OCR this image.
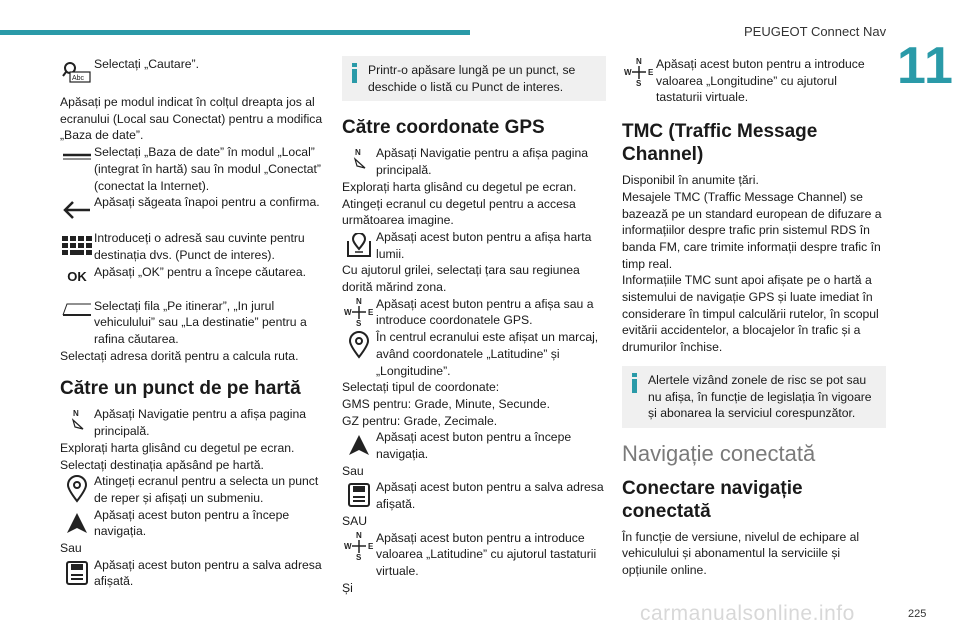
PEUGEOT Connect Nav
11
Abc
Selectați „Cautare”.

Apăsați pe modul indicat în colțul dreapta jos al ecranului (Local sau Conectat) pentru a modifica „Baza de date”.

Selectați „Baza de date” în modul „Local” (integrat în hartă) sau în modul „Conectat” (conectat la Internet).
Apăsați săgeata înapoi pentru a confirma.
Introduceți o adresă sau cuvinte pentru destinația dvs. (Punct de interes).
OK Apăsați „OK” pentru a începe căutarea.
Selectați fila „Pe itinerar”, „In jurul vehiculului” sau „La destinatie” pentru a rafina căutarea.

Selectați adresa dorită pentru a calcula ruta.

Către un punct de pe hartă
N Apăsați Navigatie pentru a afișa pagina principală.

Explorați harta glisând cu degetul pe ecran.

Selectați destinația apăsând pe hartă.

Atingeți ecranul pentru a selecta un punct de reper și afișați un submeniu.
Apăsați acest buton pentru a începe navigația.

Sau

Apăsați acest buton pentru a salva adresa afișată.
Printr-o apăsare lungă pe un punct, se deschide o listă cu Punct de interes.
Către coordonate GPS
N Apăsați Navigatie pentru a afișa pagina principală.

Explorați harta glisând cu degetul pe ecran.

Atingeți ecranul cu degetul pentru a accesa următoarea imagine.

Apăsați acest buton pentru a afișa harta lumii.

Cu ajutorul grilei, selectați țara sau regiunea dorită mărind zona.

N
S
W E
Apăsați acest buton pentru a afișa sau a introduce coordonatele GPS.
În centrul ecranului este afișat un marcaj, având coordonatele „Latitudine” și „Longitudine”.

Selectați tipul de coordonate:

GMS pentru: Grade, Minute, Secunde.

GZ pentru: Grade, Zecimale.

Apăsați acest buton pentru a începe navigația.

Sau

Apăsați acest buton pentru a salva adresa afișată.

SAU

N
S
W E
Apăsați acest buton pentru a introduce valoarea „Latitudine” cu ajutorul tastaturii virtuale.

Și

N
S
W E
Apăsați acest buton pentru a introduce valoarea „Longitudine” cu ajutorul tastaturii virtuale.
TMC (Traffic Message Channel)

Disponibil în anumite țări.

Mesajele TMC (Traffic Message Channel) se bazează pe un standard european de difuzare a informațiilor despre trafic prin sistemul RDS în banda FM, care trimite informații despre trafic în timp real.

Informațiile TMC sunt apoi afișate pe o hartă a sistemului de navigație GPS și luate imediat în considerare în timpul calculării rutelor, în scopul evitării accidentelor, a blocajelor în trafic și a drumurilor închise.

Alertele vizând zonele de risc se pot sau nu afișa, în funcție de legislația în vigoare și abonarea la serviciul corespunzător.
Navigație conectată
Conectare navigație conectată

În funcție de versiune, nivelul de echipare al vehiculului și abonamentul la serviciile și opțiunile online.

carmanualsonline.info	225
